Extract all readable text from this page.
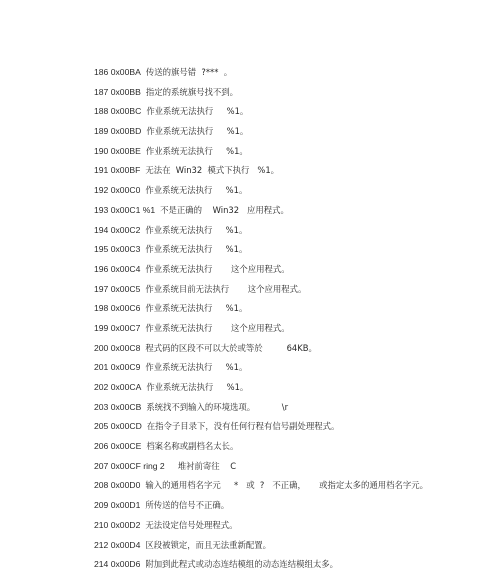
186 0x00BA 传送的旗号错  ?***  。
187 0x00BB 指定的系统旗号找不到。
188 0x00BC 作业系统无法执行     %1。
189 0x00BD 作业系统无法执行     %1。
190 0x00BE 作业系统无法执行     %1。
191 0x00BF 无法在  Win32  模式下执行   %1。
192 0x00C0 作业系统无法执行     %1。
193 0x00C1 %1 不是正确的    Win32   应用程式。
194 0x00C2 作业系统无法执行     %1。
195 0x00C3 作业系统无法执行     %1。
196 0x00C4 作业系统无法执行       这个应用程式。
197 0x00C5 作业系统目前无法执行       这个应用程式。
198 0x00C6 作业系统无法执行     %1。
199 0x00C7 作业系统无法执行       这个应用程式。
200 0x00C8 程式码的区段不可以大於或等於         64KB。
201 0x00C9 作业系统无法执行     %1。
202 0x00CA 作业系统无法执行     %1。
203 0x00CB 系统找不到输入的环境选项。          \r
205 0x00CD 在指令子目录下，没有任何行程有信号副处理程式。
206 0x00CE 档案名称或副档名太长。
207 0x00CF ring 2   堆衬前寄往    C
208 0x00D0 输入的通用档名字元     *   或  ?   不正确，     或指定太多的通用档名字元。
209 0x00D1 所传送的信号不正确。
210 0x00D2 无法设定信号处理程式。
212 0x00D4 区段被锁定，而且无法重新配置。
214 0x00D6 附加到此程式或动态连结模组的动态连结模组太多。
